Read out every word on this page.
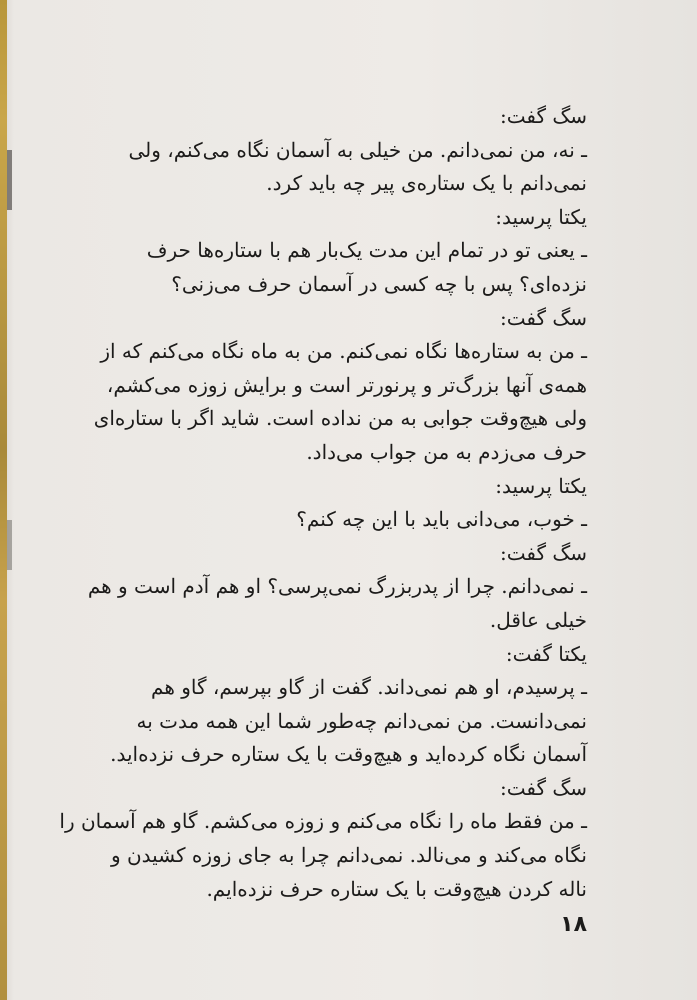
سگ گفت:
ـ نه، من نمی‌دانم. من خیلی به آسمان نگاه می‌کنم، ولی
نمی‌دانم با یک ستاره‌ی پیر چه باید کرد.
یکتا پرسید:
ـ یعنی تو در تمام این مدت یک‌بار هم با ستاره‌ها حرف
نزده‌ای؟ پس با چه کسی در آسمان حرف می‌زنی؟
سگ گفت:
ـ من به ستاره‌ها نگاه نمی‌کنم. من به ماه نگاه می‌کنم که از
همه‌ی آنها بزرگ‌تر و پرنورتر است و برایش زوزه می‌کشم،
ولی هیچ‌وقت جوابی به من نداده است. شاید اگر با ستاره‌ای
حرف می‌زدم به من جواب می‌داد.
یکتا پرسید:
ـ خوب، می‌دانی باید با این چه کنم؟
سگ گفت:
ـ نمی‌دانم. چرا از پدربزرگ نمی‌پرسی؟ او هم آدم است و هم
خیلی عاقل.
یکتا گفت:
ـ پرسیدم، او هم نمی‌داند. گفت از گاو بپرسم، گاو هم
نمی‌دانست. من نمی‌دانم چه‌طور شما این همه مدت به
آسمان نگاه کرده‌اید و هیچ‌وقت با یک ستاره حرف نزده‌اید.
سگ گفت:
ـ من فقط ماه را نگاه می‌کنم و زوزه می‌کشم. گاو هم آسمان را
نگاه می‌کند و می‌نالد. نمی‌دانم چرا به جای زوزه کشیدن و
ناله کردن هیچ‌وقت با یک ستاره حرف نزده‌ایم.
۱۸
